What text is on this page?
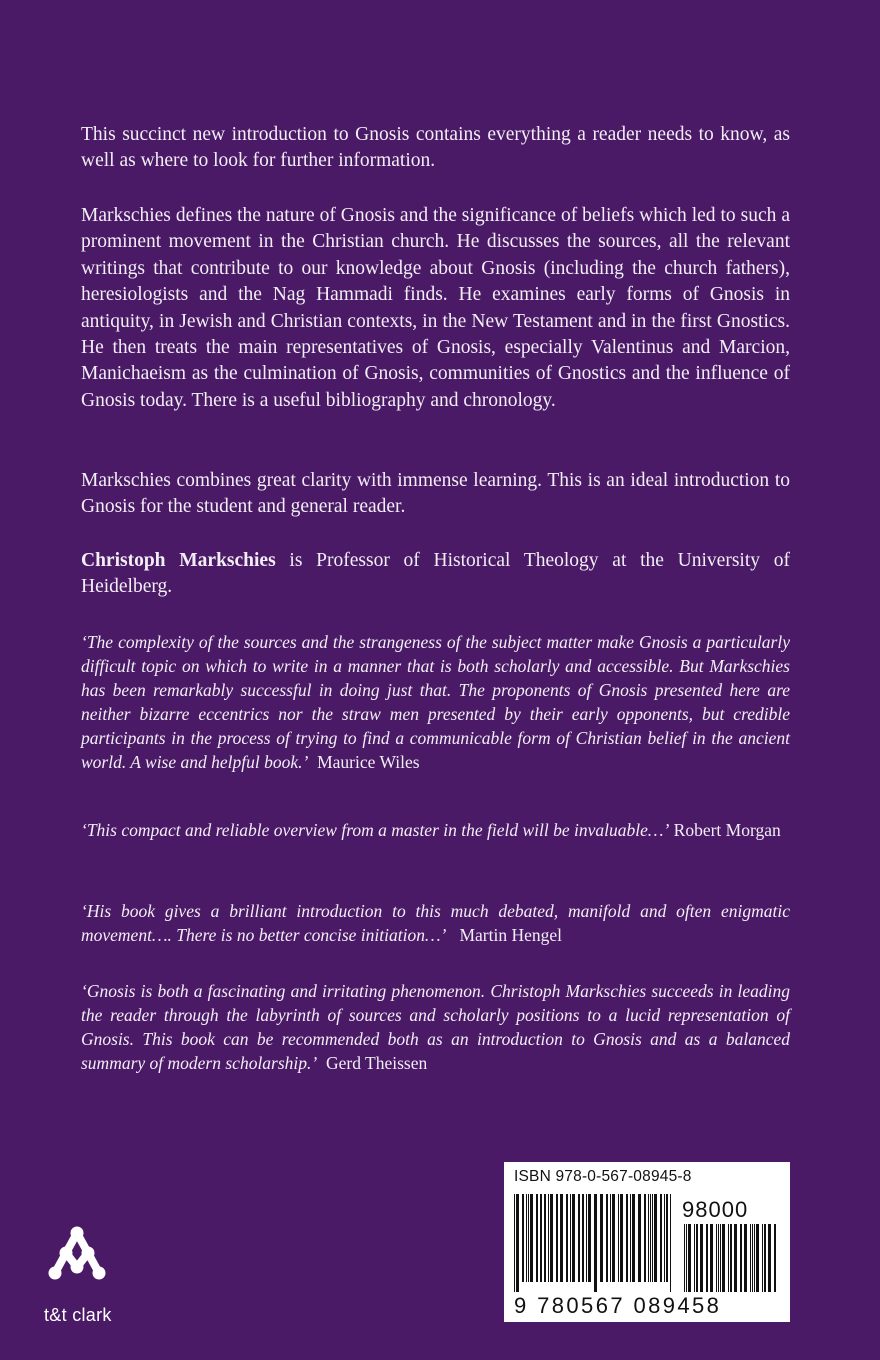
This succinct new introduction to Gnosis contains everything a reader needs to know, as well as where to look for further information.

Markschies defines the nature of Gnosis and the significance of beliefs which led to such a prominent movement in the Christian church. He discusses the sources, all the relevant writings that contribute to our knowledge about Gnosis (including the church fathers), heresiologists and the Nag Hammadi finds. He examines early forms of Gnosis in antiquity, in Jewish and Christian contexts, in the New Testament and in the first Gnostics. He then treats the main representatives of Gnosis, especially Valentinus and Marcion, Manichaeism as the culmination of Gnosis, communities of Gnostics and the influence of Gnosis today. There is a useful bibliography and chronology.

Markschies combines great clarity with immense learning. This is an ideal introduction to Gnosis for the student and general reader.

Christoph Markschies is Professor of Historical Theology at the University of Heidelberg.

‘The complexity of the sources and the strangeness of the subject matter make Gnosis a particularly difficult topic on which to write in a manner that is both scholarly and accessible. But Markschies has been remarkably successful in doing just that. The proponents of Gnosis presented here are neither bizarre eccentrics nor the straw men presented by their early opponents, but credible participants in the process of trying to find a communicable form of Christian belief in the ancient world. A wise and helpful book.’ Maurice Wiles

‘This compact and reliable overview from a master in the field will be invaluable…’ Robert Morgan

‘His book gives a brilliant introduction to this much debated, manifold and often enigmatic movement…. There is no better concise initiation…’ Martin Hengel

‘Gnosis is both a fascinating and irritating phenomenon. Christoph Markschies succeeds in leading the reader through the labyrinth of sources and scholarly positions to a lucid representation of Gnosis. This book can be recommended both as an introduction to Gnosis and as a balanced summary of modern scholarship.’ Gerd Theissen

ISBN 978-0-567-08945-8

98000

9 780567 089458

t&t clark
